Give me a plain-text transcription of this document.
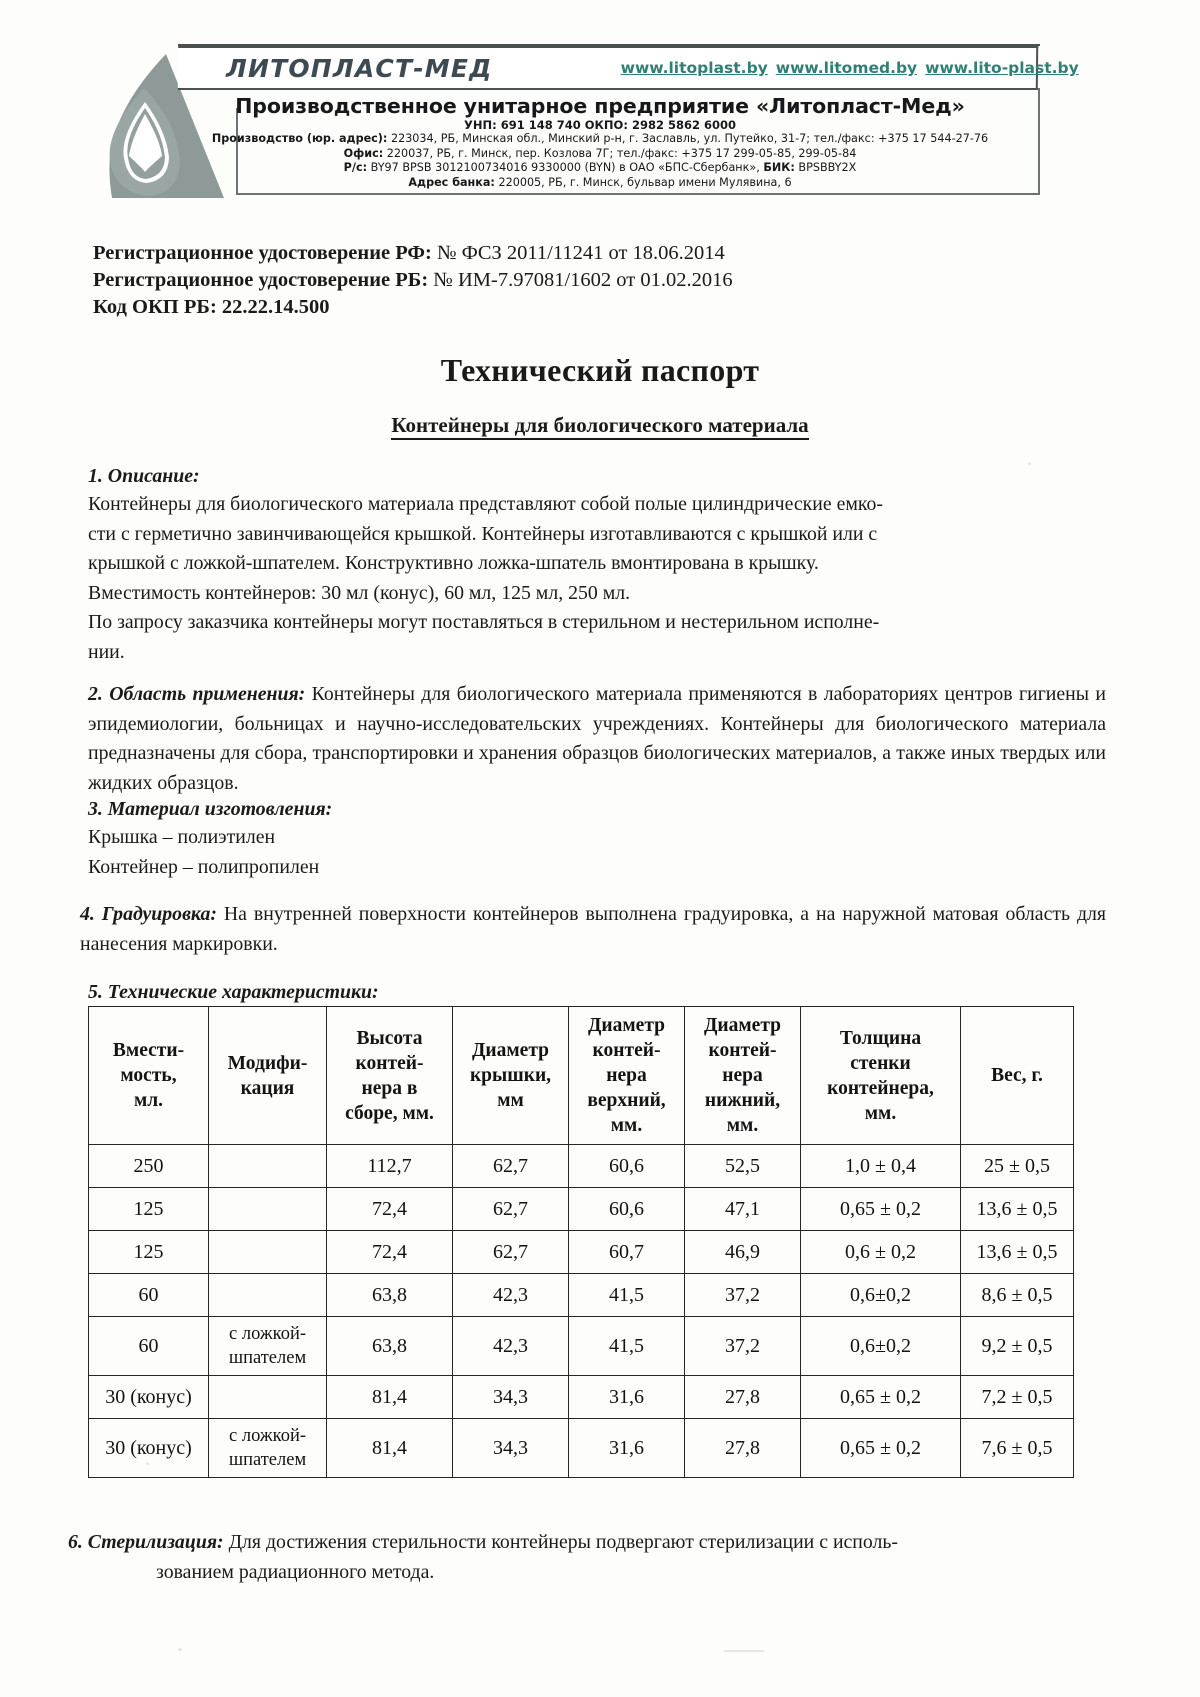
ЛИТОПЛАСТ-МЕД	www.litoplast.by www.litomed.by www.lito-plast.by
Производственное унитарное предприятие «Литопласт-Мед»
УНП: 691 148 740 ОКПО: 2982 5862 6000
Производство (юр. адрес): 223034, РБ, Минская обл., Минский р-н, г. Заславль, ул. Путейко, 31-7; тел./факс: +375 17 544-27-76
Офис: 220037, РБ, г. Минск, пер. Козлова 7Г; тел./факс: +375 17 299-05-85, 299-05-84
Р/с: BY97 BPSB 3012100734016 9330000 (BYN) в ОАО «БПС-Сбербанк», БИК: BPSBBY2X
Адрес банка: 220005, РБ, г. Минск, бульвар имени Мулявина, 6
Регистрационное удостоверение РФ: № ФСЗ 2011/11241 от 18.06.2014
Регистрационное удостоверение РБ: № ИМ-7.97081/1602 от 01.02.2016
Код ОКП РБ: 22.22.14.500
Технический паспорт
Контейнеры для биологического материала
1. Описание:
Контейнеры для биологического материала представляют собой полые цилиндрические емко-
сти с герметично завинчивающейся крышкой. Контейнеры изготавливаются с крышкой или с
крышкой с ложкой-шпателем. Конструктивно ложка-шпатель вмонтирована в крышку.
Вместимость контейнеров: 30 мл (конус), 60 мл, 125 мл, 250 мл.
По запросу заказчика контейнеры могут поставляться в стерильном и нестерильном исполне-
нии.
2. Область применения: Контейнеры для биологического материала применяются в лабораториях центров гигиены и эпидемиологии, больницах и научно-исследовательских учреждениях. Контейнеры для биологического материала предназначены для сбора, транспортировки и хранения образцов биологических материалов, а также иных твердых или жидких образцов.
3. Материал изготовления:
Крышка – полиэтилен
Контейнер – полипропилен
4. Градуировка: На внутренней поверхности контейнеров выполнена градуировка, а на наружной матовая область для нанесения маркировки.
5. Технические характеристики:
Вмести-
мость,
мл.	Модифи-
кация	Высота
контей-
нера в
сборе, мм.	Диаметр
крышки,
мм	Диаметр
контей-
нера
верхний,
мм.	Диаметр
контей-
нера
нижний,
мм.	Толщина
стенки
контейнера,
мм.	Вес, г.
250		112,7	62,7	60,6	52,5	1,0 ± 0,4	25 ± 0,5
125		72,4	62,7	60,6	47,1	0,65 ± 0,2	13,6 ± 0,5
125		72,4	62,7	60,7	46,9	0,6 ± 0,2	13,6 ± 0,5
60		63,8	42,3	41,5	37,2	0,6±0,2	8,6 ± 0,5
60	с ложкой-
шпателем	63,8	42,3	41,5	37,2	0,6±0,2	9,2 ± 0,5
30 (конус)		81,4	34,3	31,6	27,8	0,65 ± 0,2	7,2 ± 0,5
30 (конус)	с ложкой-
шпателем	81,4	34,3	31,6	27,8	0,65 ± 0,2	7,6 ± 0,5
6. Стерилизация: Для достижения стерильности контейнеры подвергают стерилизации с исполь-
зованием радиационного метода.
